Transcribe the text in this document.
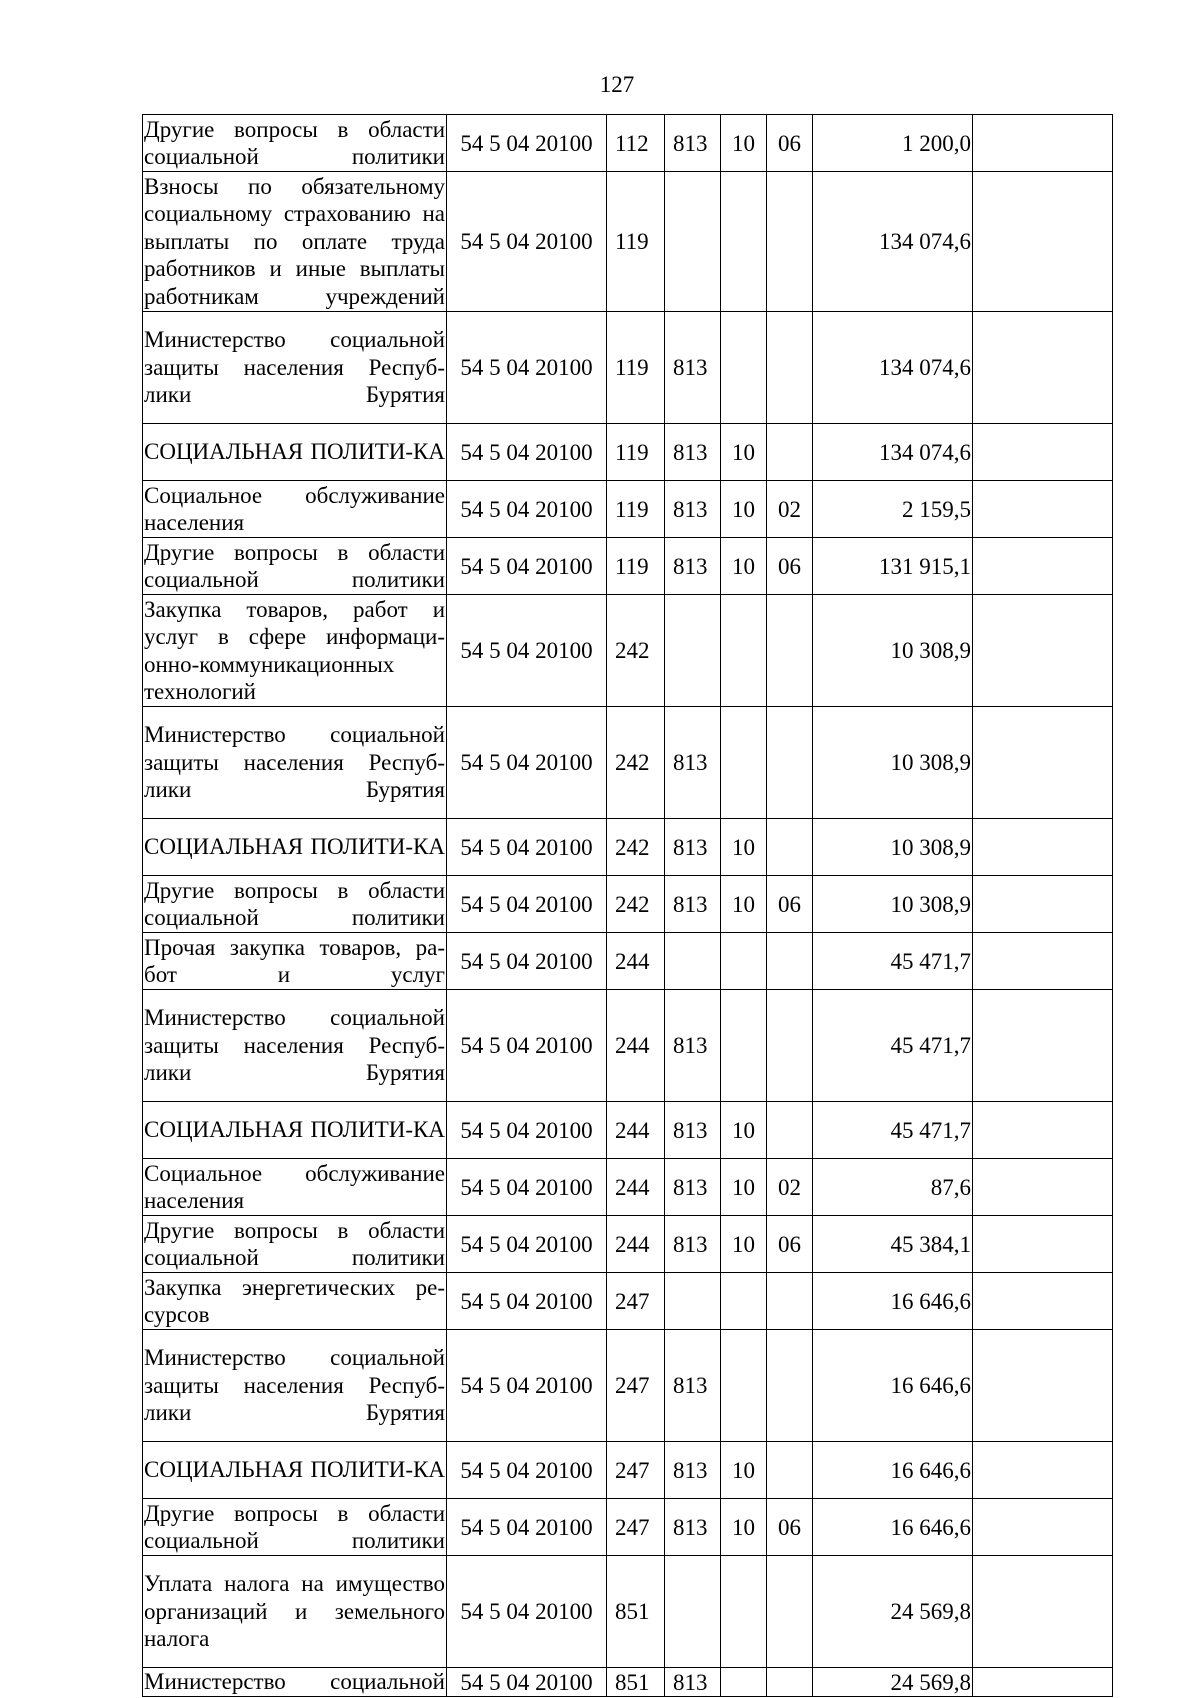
127
Другие вопросы в области социальной политики	54 5 04 20100	112	813	10	06	1 200,0	
Взносы по обязательному социальному страхованию на выплаты по оплате труда работников и иные выплаты работникам учреждений	54 5 04 20100	119				134 074,6	
Министерство социальной защиты населения Респуб-лики Бурятия	54 5 04 20100	119	813			134 074,6	
СОЦИАЛЬНАЯ ПОЛИТИ-КА	54 5 04 20100	119	813	10		134 074,6	
Социальное обслуживание населения	54 5 04 20100	119	813	10	02	2 159,5	
Другие вопросы в области социальной политики	54 5 04 20100	119	813	10	06	131 915,1	
Закупка товаров, работ и услуг в сфере информаци-онно-коммуникационных технологий	54 5 04 20100	242				10 308,9	
Министерство социальной защиты населения Респуб-лики Бурятия	54 5 04 20100	242	813			10 308,9	
СОЦИАЛЬНАЯ ПОЛИТИ-КА	54 5 04 20100	242	813	10		10 308,9	
Другие вопросы в области социальной политики	54 5 04 20100	242	813	10	06	10 308,9	
Прочая закупка товаров, ра-бот и услуг	54 5 04 20100	244				45 471,7	
Министерство социальной защиты населения Респуб-лики Бурятия	54 5 04 20100	244	813			45 471,7	
СОЦИАЛЬНАЯ ПОЛИТИ-КА	54 5 04 20100	244	813	10		45 471,7	
Социальное обслуживание населения	54 5 04 20100	244	813	10	02	87,6	
Другие вопросы в области социальной политики	54 5 04 20100	244	813	10	06	45 384,1	
Закупка энергетических ре-сурсов	54 5 04 20100	247				16 646,6	
Министерство социальной защиты населения Респуб-лики Бурятия	54 5 04 20100	247	813			16 646,6	
СОЦИАЛЬНАЯ ПОЛИТИ-КА	54 5 04 20100	247	813	10		16 646,6	
Другие вопросы в области социальной политики	54 5 04 20100	247	813	10	06	16 646,6	
Уплата налога на имущество организаций и земельного налога	54 5 04 20100	851				24 569,8	
Министерство социальной	54 5 04 20100	851	813			24 569,8	
